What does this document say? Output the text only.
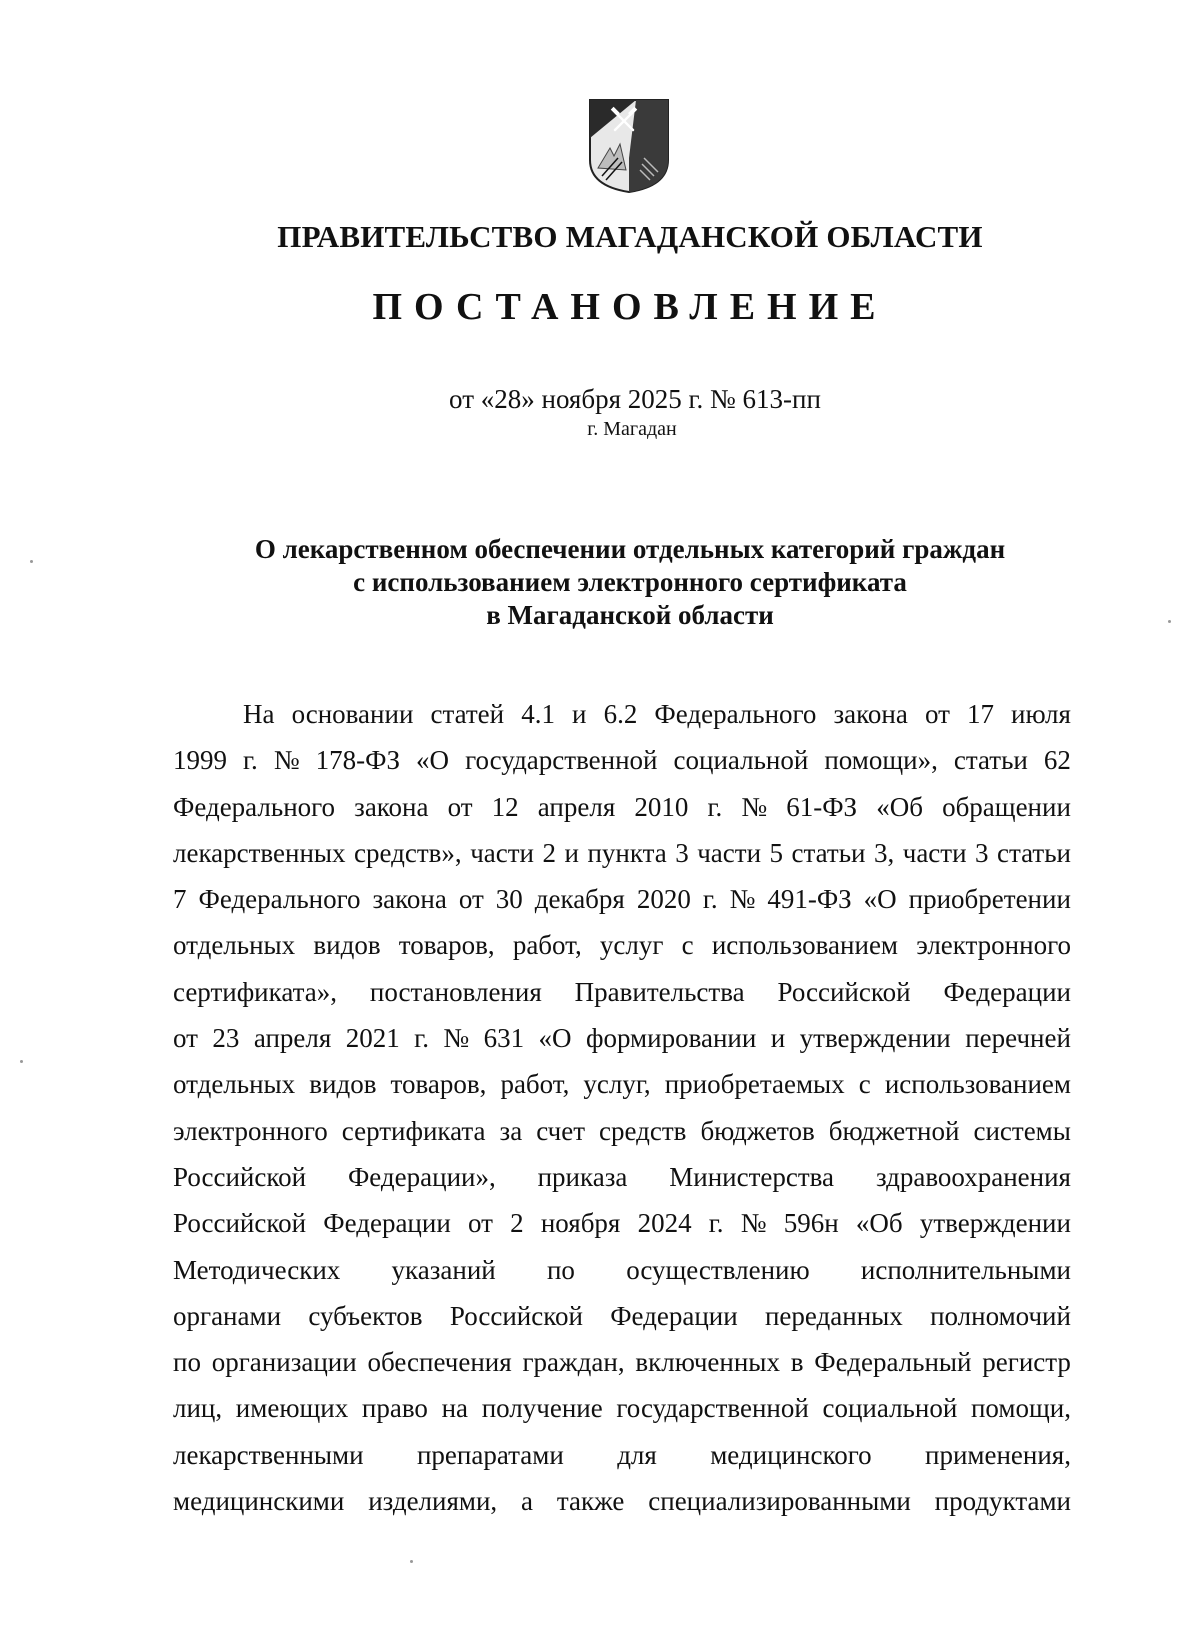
ПРАВИТЕЛЬСТВО МАГАДАНСКОЙ ОБЛАСТИ
ПОСТАНОВЛЕНИЕ
от «28» ноября 2025 г. № 613-пп
г. Магадан
О лекарственном обеспечении отдельных категорий граждан
с использованием электронного сертификата
в Магаданской области
На основании статей 4.1 и 6.2 Федерального закона от 17 июля
1999 г. № 178-ФЗ «О государственной социальной помощи», статьи 62
Федерального закона от 12 апреля 2010 г. № 61-ФЗ «Об обращении
лекарственных средств», части 2 и пункта 3 части 5 статьи 3, части 3 статьи
7 Федерального закона от 30 декабря 2020 г. № 491-ФЗ «О приобретении
отдельных видов товаров, работ, услуг с использованием электронного
сертификата», постановления Правительства Российской Федерации
от 23 апреля 2021 г. № 631 «О формировании и утверждении перечней
отдельных видов товаров, работ, услуг, приобретаемых с использованием
электронного сертификата за счет средств бюджетов бюджетной системы
Российской Федерации», приказа Министерства здравоохранения
Российской Федерации от 2 ноября 2024 г. № 596н «Об утверждении
Методических указаний по осуществлению исполнительными
органами субъектов Российской Федерации переданных полномочий
по организации обеспечения граждан, включенных в Федеральный регистр
лиц, имеющих право на получение государственной социальной помощи,
лекарственными препаратами для медицинского применения,
медицинскими изделиями, а также специализированными продуктами
